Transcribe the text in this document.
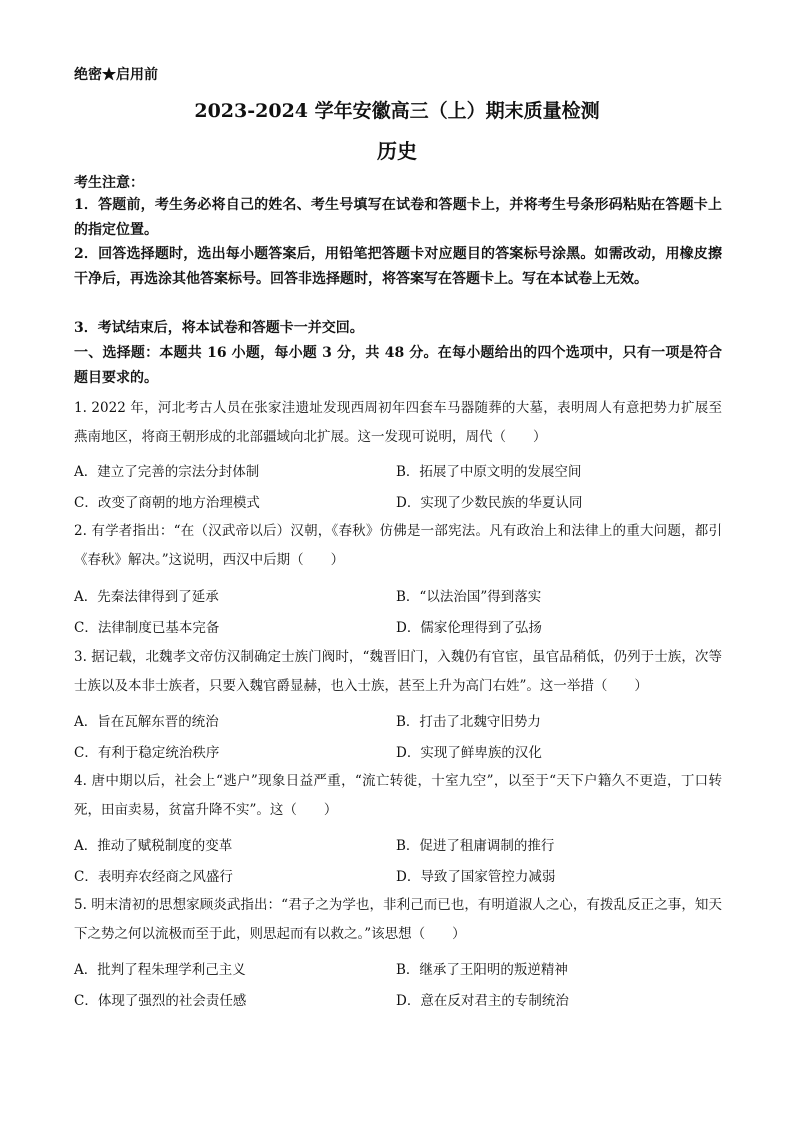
绝密★启用前
2023-2024 学年安徽高三（上）期末质量检测
历史
考生注意：
1．答题前，考生务必将自己的姓名、考生号填写在试卷和答题卡上，并将考生号条形码粘贴在答题卡上的指定位置。
2．回答选择题时，选出每小题答案后，用铅笔把答题卡对应题目的答案标号涂黑。如需改动，用橡皮擦干净后，再选涂其他答案标号。回答非选择题时，将答案写在答题卡上。写在本试卷上无效。
3．考试结束后，将本试卷和答题卡一并交回。
一、选择题：本题共 16 小题，每小题 3 分，共 48 分。在每小题给出的四个选项中，只有一项是符合题目要求的。
1. 2022 年，河北考古人员在张家洼遗址发现西周初年四套车马器随葬的大墓，表明周人有意把势力扩展至燕南地区，将商王朝形成的北部疆域向北扩展。这一发现可说明，周代（　　）
A．建立了完善的宗法分封体制	B．拓展了中原文明的发展空间
C．改变了商朝的地方治理模式	D．实现了少数民族的华夏认同
2. 有学者指出：“在（汉武帝以后）汉朝，《春秋》仿佛是一部宪法。凡有政治上和法律上的重大问题，都引《春秋》解决。”这说明，西汉中后期（　　）
A．先秦法律得到了延承	B．“以法治国”得到落实
C．法律制度已基本完备	D．儒家伦理得到了弘扬
3. 据记载，北魏孝文帝仿汉制确定士族门阀时，“魏晋旧门，入魏仍有官宦，虽官品稍低，仍列于士族，次等士族以及本非士族者，只要入魏官爵显赫，也入士族，甚至上升为高门右姓”。这一举措（　　）
A．旨在瓦解东晋的统治	B．打击了北魏守旧势力
C．有利于稳定统治秩序	D．实现了鲜卑族的汉化
4. 唐中期以后，社会上“逃户”现象日益严重，“流亡转徙，十室九空”，以至于“天下户籍久不更造，丁口转死，田亩卖易，贫富升降不实”。这（　　）
A．推动了赋税制度的变革	B．促进了租庸调制的推行
C．表明弃农经商之风盛行	D．导致了国家管控力减弱
5. 明末清初的思想家顾炎武指出：“君子之为学也，非利己而已也，有明道淑人之心，有拨乱反正之事，知天下之势之何以流极而至于此，则思起而有以救之。”该思想（　　）
A．批判了程朱理学利己主义	B．继承了王阳明的叛逆精神
C．体现了强烈的社会责任感	D．意在反对君主的专制统治
